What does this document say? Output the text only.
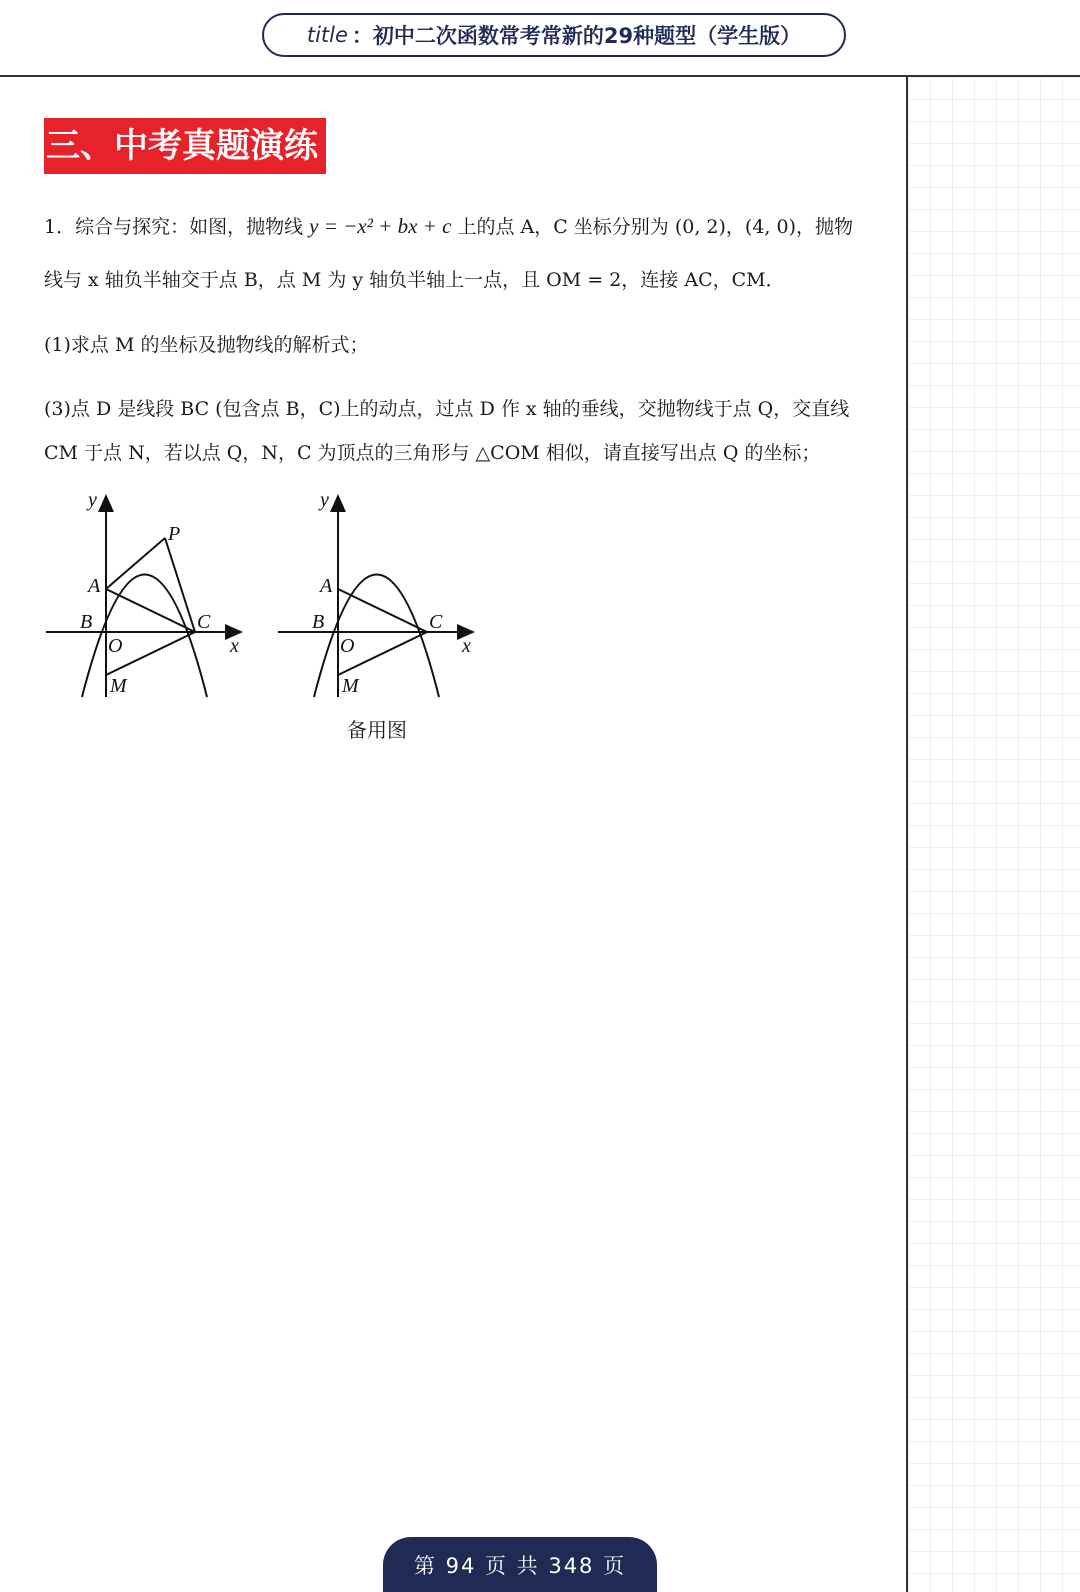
title ：初中二次函数常考常新的29种题型（学生版）
三、中考真题演练
1．综合与探究：如图，抛物线 y = −x² + bx + c 上的点 A，C 坐标分别为 (0, 2)，(4, 0)，抛物
线与 x 轴负半轴交于点 B，点 M 为 y 轴负半轴上一点，且 OM = 2，连接 AC，CM．
(1)求点 M 的坐标及抛物线的解析式；
(3)点 D 是线段 BC (包含点 B，C)上的动点，过点 D 作 x 轴的垂线，交抛物线于点 Q，交直线
CM 于点 N，若以点 Q，N，C 为顶点的三角形与 △COM 相似，请直接写出点 Q 的坐标；
y
P
A
B	C
O	x
M
y
A
B	C
O	x
M
备用图
第 94 页 共 348 页
